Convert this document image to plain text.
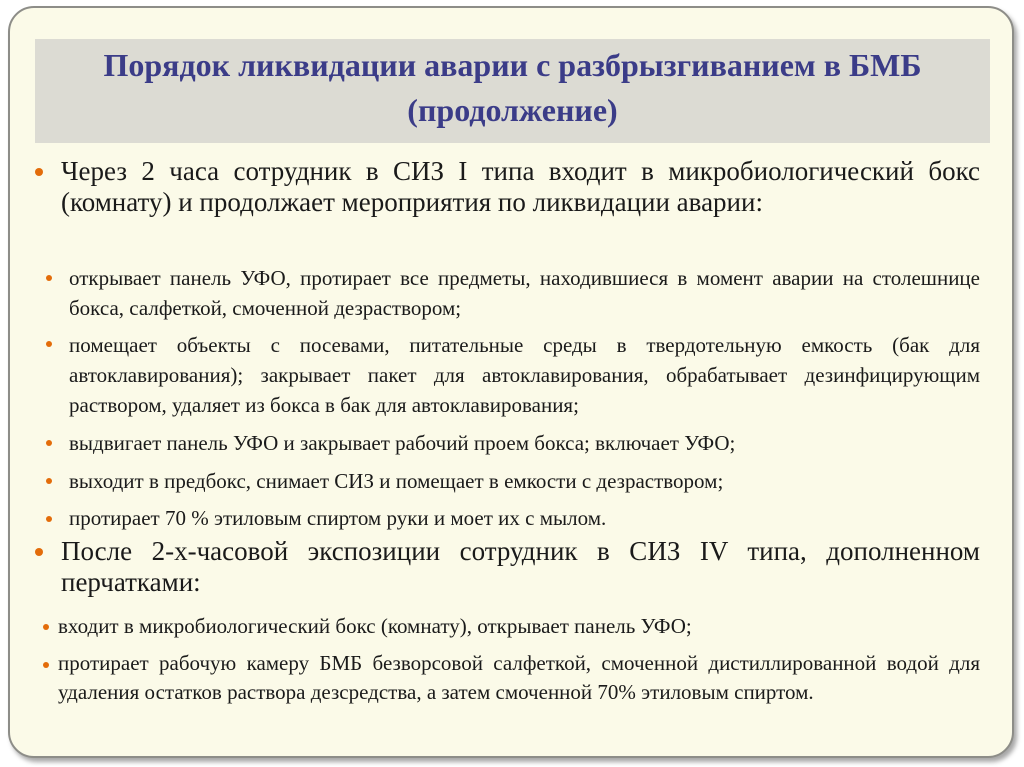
Порядок ликвидации аварии с разбрызгиванием в БМБ (продолжение)
Через 2 часа сотрудник в СИЗ I типа входит в микробиологический бокс (комнату) и продолжает мероприятия по ликвидации аварии:
открывает панель УФО, протирает все предметы, находившиеся в момент аварии на столешнице бокса, салфеткой, смоченной дезраствором;
помещает объекты с посевами, питательные среды в твердотельную емкость (бак для автоклавирования); закрывает пакет для автоклавирования, обрабатывает дезинфицирующим раствором, удаляет из бокса в бак для автоклавирования;
выдвигает панель УФО и закрывает рабочий проем бокса; включает УФО;
выходит в предбокс, снимает СИЗ и помещает в емкости с дезраствором;
протирает 70 % этиловым спиртом руки и моет их с мылом.
После 2-х-часовой экспозиции сотрудник в СИЗ IV типа, дополненном перчатками:
входит в микробиологический бокс (комнату), открывает панель УФО;
протирает рабочую камеру БМБ безворсовой салфеткой, смоченной дистиллированной водой для удаления остатков раствора дезсредства, а затем смоченной 70% этиловым спиртом.
